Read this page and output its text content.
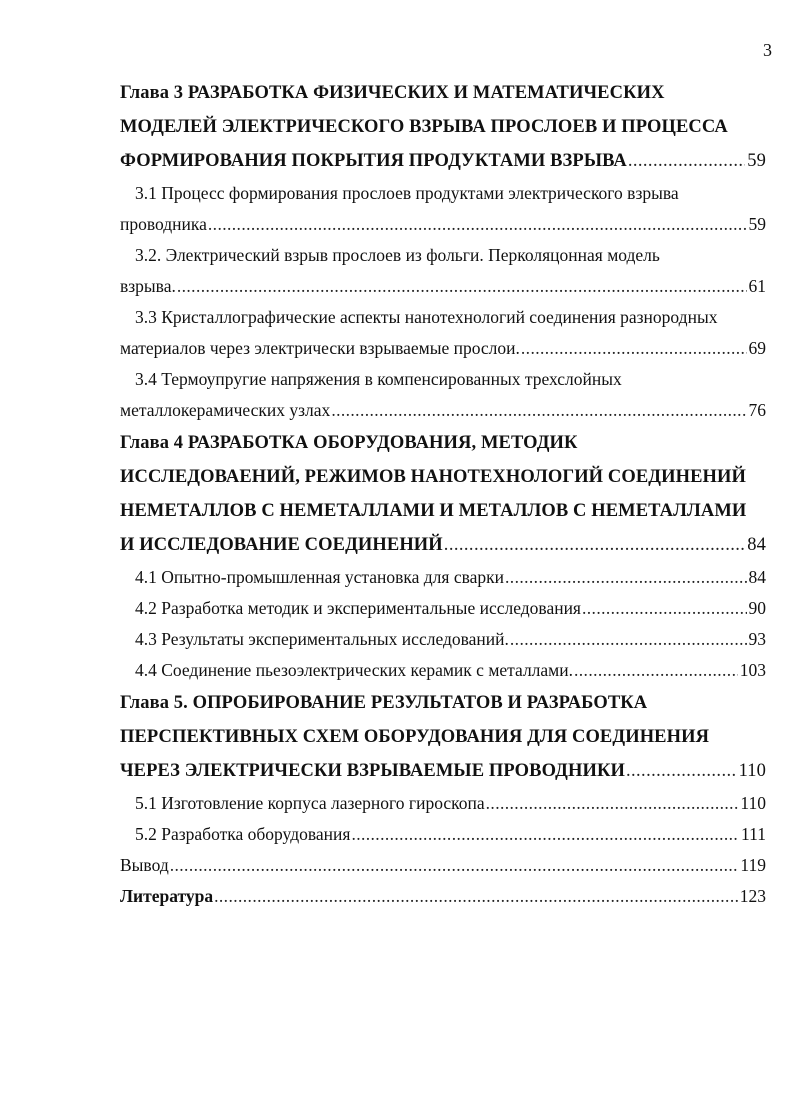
3
Глава 3 РАЗРАБОТКА ФИЗИЧЕСКИХ И МАТЕМАТИЧЕСКИХ
МОДЕЛЕЙ ЭЛЕКТРИЧЕСКОГО ВЗРЫВА ПРОСЛОЕВ И ПРОЦЕССА
ФОРМИРОВАНИЯ ПОКРЫТИЯ ПРОДУКТАМИ ВЗРЫВА .....	59
3.1 Процесс формирования прослоев продуктами электрического взрыва
проводника .....	59
3.2. Электрический взрыв прослоев из фольги. Перколяцонная модель
взрыва. .....	61
3.3 Кристаллографические аспекты нанотехнологий соединения разнородных
материалов через электрически взрываемые прослои. .....	69
3.4 Термоупругие напряжения в компенсированных трехслойных
металлокерамических узлах .....	76
Глава 4 РАЗРАБОТКА ОБОРУДОВАНИЯ, МЕТОДИК
ИССЛЕДОВАЕНИЙ, РЕЖИМОВ НАНОТЕХНОЛОГИЙ СОЕДИНЕНИЙ
НЕМЕТАЛЛОВ С НЕМЕТАЛЛАМИ И МЕТАЛЛОВ С НЕМЕТАЛЛАМИ
И ИССЛЕДОВАНИЕ СОЕДИНЕНИЙ .....	84
4.1 Опытно-промышленная установка для сварки .....	84
4.2 Разработка методик и экспериментальные исследования .....	90
4.3 Результаты экспериментальных исследований. .....	93
4.4 Соединение пьезоэлектрических керамик с металлами. .....	103
Глава 5. ОПРОБИРОВАНИЕ РЕЗУЛЬТАТОВ И РАЗРАБОТКА
ПЕРСПЕКТИВНЫХ СХЕМ ОБОРУДОВАНИЯ ДЛЯ СОЕДИНЕНИЯ
ЧЕРЕЗ ЭЛЕКТРИЧЕСКИ ВЗРЫВАЕМЫЕ ПРОВОДНИКИ .....	110
5.1 Изготовление корпуса лазерного гироскопа .....	110
5.2 Разработка оборудования .....	111
Вывод .....	119
Литература .....	123
